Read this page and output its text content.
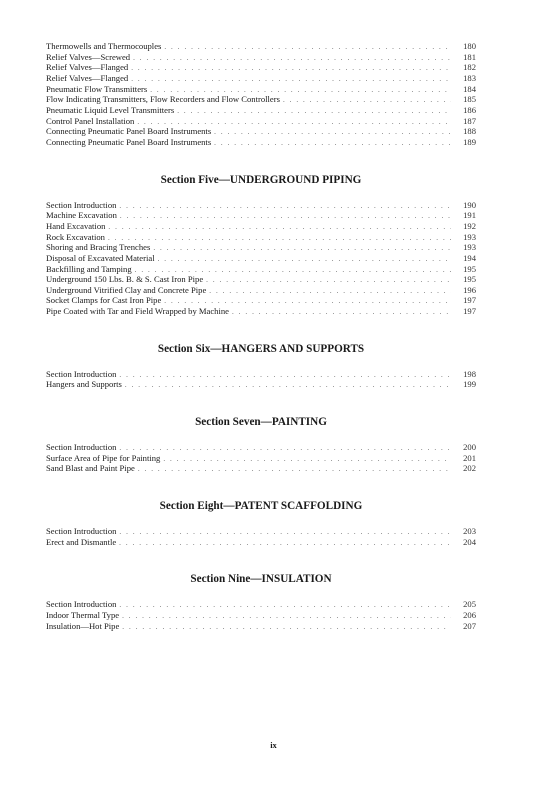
Thermowells and Thermocouples . . .	180
Relief Valves—Screwed . . .	181
Relief Valves—Flanged . . .	182
Relief Valves—Flanged . . .	183
Pneumatic Flow Transmitters . . .	184
Flow Indicating Transmitters, Flow Recorders and Flow Controllers . . .	185
Pneumatic Liquid Level Transmitters . . .	186
Control Panel Installation . . .	187
Connecting Pneumatic Panel Board Instruments . . .	188
Connecting Pneumatic Panel Board Instruments . . .	189
Section Five—UNDERGROUND PIPING
Section Introduction . . .	190
Machine Excavation . . .	191
Hand Excavation . . .	192
Rock Excavation . . .	193
Shoring and Bracing Trenches . . .	193
Disposal of Excavated Material . . .	194
Backfilling and Tamping . . .	195
Underground 150 Lbs. B. & S. Cast Iron Pipe . . .	195
Underground Vitrified Clay and Concrete Pipe . . .	196
Socket Clamps for Cast Iron Pipe . . .	197
Pipe Coated with Tar and Field Wrapped by Machine . . .	197
Section Six—HANGERS AND SUPPORTS
Section Introduction . . .	198
Hangers and Supports . . .	199
Section Seven—PAINTING
Section Introduction . . .	200
Surface Area of Pipe for Painting . . .	201
Sand Blast and Paint Pipe . . .	202
Section Eight—PATENT SCAFFOLDING
Section Introduction . . .	203
Erect and Dismantle . . .	204
Section Nine—INSULATION
Section Introduction . . .	205
Indoor Thermal Type . . .	206
Insulation—Hot Pipe . . .	207
ix
